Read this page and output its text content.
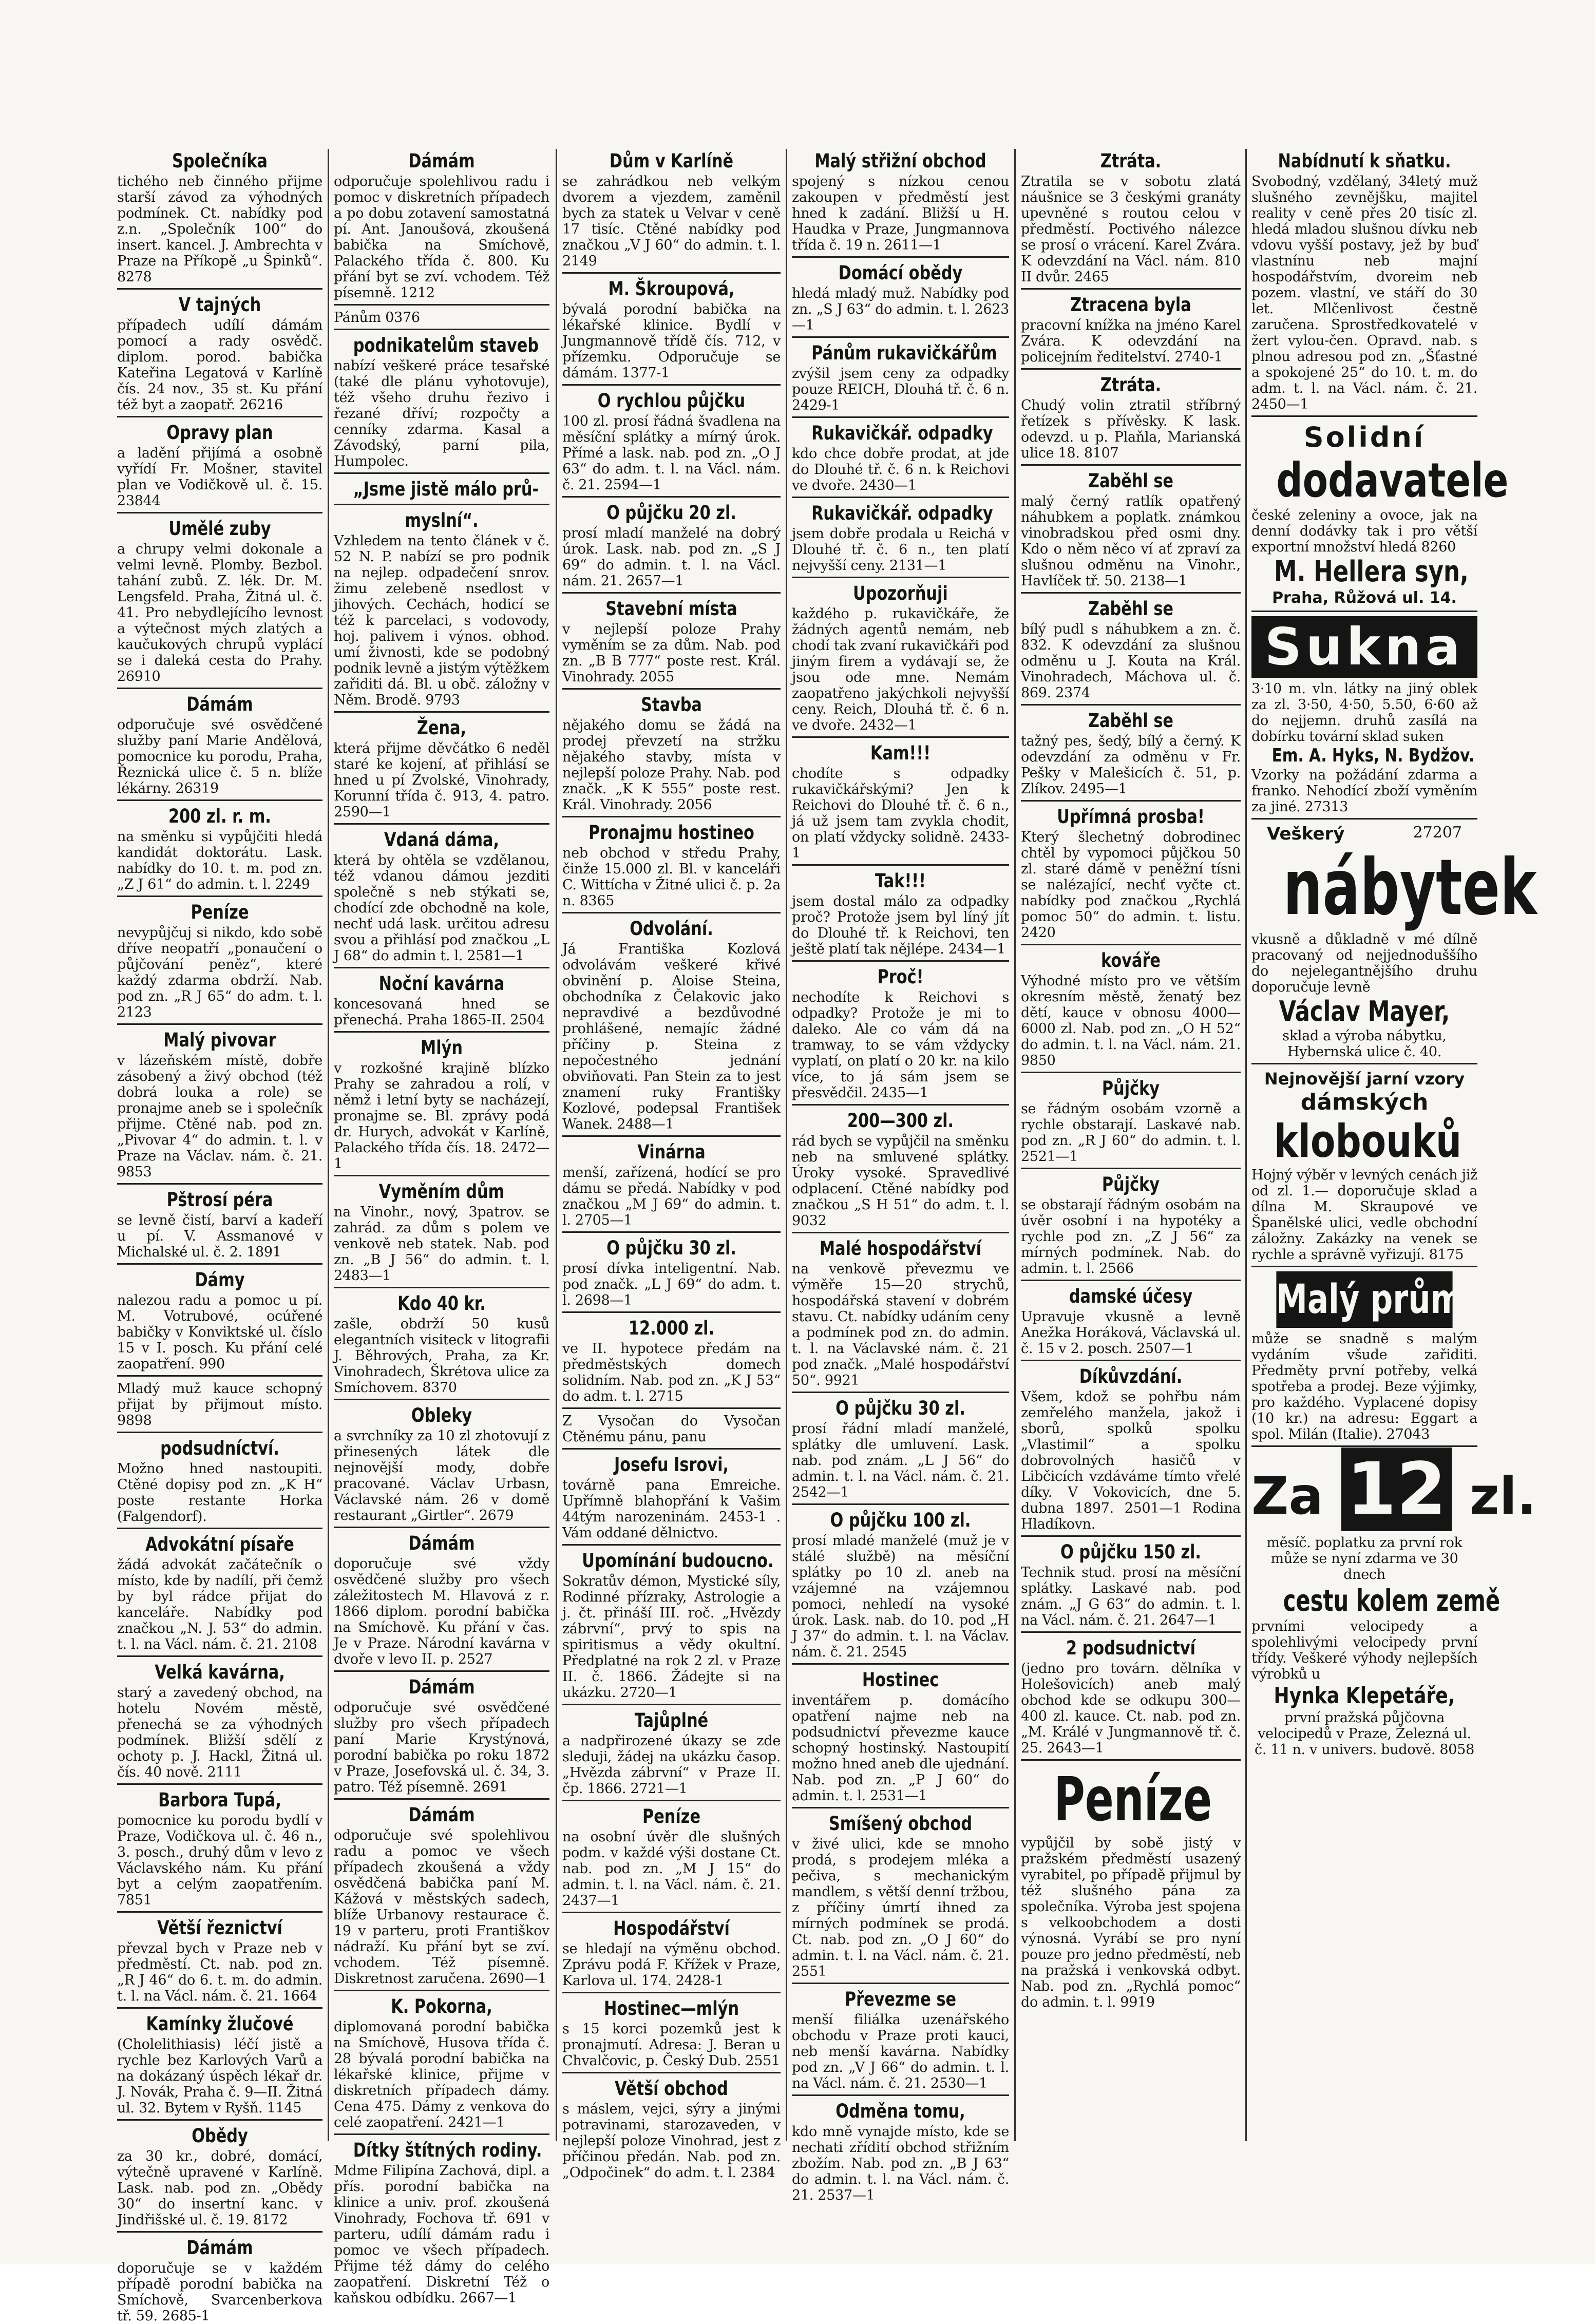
Společníka

tichého neb činného přijme starší závod za výhodných podmínek. Ct. nabídky pod z.n. „Společník 100“ do insert. kancel. J. Ambrechta v Praze na Příkopě „u Špinků“. 8278

V tajných

případech udílí dámám pomocí a rady osvědč. diplom. porod. babička Kateřina Legatová v Karlíně čís. 24 nov., 35 st. Ku přání též byt a zaopatř. 26216

Opravy plan

a ladění přijímá a osobně vyřídí Fr. Mošner, stavitel plan ve Vodičkově ul. č. 15. 23844

Umělé zuby

a chrupy velmi dokonale a velmi levně. Plomby. Bezbol. tahání zubů. Z. lék. Dr. M. Lengsfeld. Praha, Žitná ul. č. 41. Pro nebydlejícího levnost a výtečnost mých zlatých a kaučukových chrupů vyplácí se i daleká cesta do Prahy. 26910

Dámám

odporučuje své osvědčené služby paní Marie Andělová, pomocnice ku porodu, Praha, Řeznická ulice č. 5 n. blíže lékárny. 26319

200 zl. r. m.

na směnku si vypůjčiti hledá kandidát doktorátu. Lask. nabídky do 10. t. m. pod zn. „Z J 61“ do admin. t. l. 2249

Peníze

nevypůjčuj si nikdo, kdo sobě dříve neopatří „ponaučení o půjčování peněz“, které každý zdarma obdrží. Nab. pod zn. „R J 65“ do adm. t. l. 2123

Malý pivovar

v lázeňském místě, dobře zásobený a živý obchod (též dobrá louka a role) se pronajme aneb se i společník přijme. Ctěné nab. pod zn. „Pivovar 4“ do admin. t. l. v Praze na Václav. nám. č. 21. 9853

Pštrosí péra

se levně čistí, barví a kadeří u pí. V. Assmanové v Michalské ul. č. 2. 1891

Dámy

nalezou radu a pomoc u pí. M. Votrubové, ocúřené babičky v Konviktské ul. číslo 15 v I. posch. Ku přání celé zaopatření. 990

Mladý muž kauce schopný přijat by přijmout místo. 9898

podsudníctví.

Možno hned nastoupiti. Ctěné dopisy pod zn. „K H“ poste restante Horka (Falgendorf).

Advokátní písaře

žádá advokát začátečník o místo, kde by nadílí, při čemž by byl rádce přijat do kanceláře. Nabídky pod značkou „N. J. 53“ do admin. t. l. na Václ. nám. č. 21. 2108

Velká kavárna,

starý a zavedený obchod, na hotelu Novém městě, přenechá se za výhodných podmínek. Bližší sdělí z ochoty p. J. Hackl, Žitná ul. čís. 40 nově. 2111

Barbora Tupá,

pomocnice ku porodu bydlí v Praze, Vodičkova ul. č. 46 n., 3. posch., druhý dům v levo z Václavského nám. Ku přání byt a celým zaopatřením. 7851

Větší řeznictví

převzal bych v Praze neb v předměstí. Ct. nab. pod zn. „R J 46“ do 6. t. m. do admin. t. l. na Václ. nám. č. 21. 1664

Kamínky žlučové

(Cholelithiasis) léčí jistě a rychle bez Karlových Varů a na dokázaný úspěch lékař dr. J. Novák, Praha č. 9—II. Žitná ul. 32. Bytem v Ryšň. 1145

Obědy

za 30 kr., dobré, domácí, výtečně upravené v Karlíně. Lask. nab. pod zn. „Obědy 30“ do insertní kanc. v Jindřišské ul. č. 19. 8172

Dámám

doporučuje se v každém případě porodní babička na Smíchově, Svarcenberkova tř. 59. 2685-1

Dámám

odporučuje spolehlivou radu i pomoc v diskretních případech a po dobu zotavení samostatná pí. Ant. Janoušová, zkoušená babička na Smíchově, Palackého třída č. 800. Ku přání byt se zví. vchodem. Též písemně. 1212

Pánům 0376

podnikatelům staveb

nabízí veškeré práce tesařské (také dle plánu vyhotovuje), též všeho druhu řezivo i řezané dříví; rozpočty a cenníky zdarma. Kasal a Závodský, parní pila, Humpolec.

„Jsme jistě málo prů-
myslní“.

Vzhledem na tento článek v č. 52 N. P. nabízí se pro podnik na nejlep. odpadečení snrov. žimu zelebeně nsedlost v jihových. Cechách, hodicí se též k parcelaci, s vodovody, hoj. palivem i výnos. obhod. umí živnosti, kde se podobný podnik levně a jistým výtěžkem zařiditi dá. Bl. u obč. záložny v Něm. Brodě. 9793

Žena,

která přijme děvčátko 6 neděl staré ke kojení, ať přihlásí se hned u pí Zvolské, Vinohrady, Korunní třída č. 913, 4. patro. 2590—1

Vdaná dáma,

která by ohtěla se vzdělanou, též vdanou dámou jezditi společně s neb stýkati se, chodící zde obchodně na kole, nechť udá lask. určitou adresu svou a přihlásí pod značkou „L J 68“ do admin t. l. 2581—1

Noční kavárna

koncesovaná hned se přenechá. Praha 1865-II. 2504

Mlýn

v rozkošné krajině blízko Prahy se zahradou a rolí, v němž i letní byty se nacházejí, pronajme se. Bl. zprávy podá dr. Hurych, advokát v Karlíně, Palackého třída čís. 18. 2472—1

Vyměním dům

na Vinohr., nový, 3patrov. se zahrád. za dům s polem ve venkově neb statek. Nab. pod zn. „B J 56“ do admin. t. l. 2483—1

Kdo 40 kr.

zašle, obdrží 50 kusů elegantních visiteck v litografii J. Běhrových, Praha, za Kr. Vinohradech, Škrétova ulice za Smíchovem. 8370

Obleky

a svrchníky za 10 zl zhotovují z přinesených látek dle nejnovější mody, dobře pracované. Václav Urbasn, Václavské nám. 26 v domě restaurant „Girtler“. 2679

Dámám

doporučuje své vždy osvědčené služby pro všech záležitostech M. Hlavová z r. 1866 diplom. porodní babička na Smíchově. Ku přání v čas. Je v Praze. Národní kavárna v dvoře v levo II. p. 2527

Dámám

odporučuje své osvědčené služby pro všech případech paní Marie Krystýnová, porodní babička po roku 1872 v Praze, Josefovská ul. č. 34, 3. patro. Též písemně. 2691

Dámám

odporučuje své spolehlivou radu a pomoc ve všech případech zkoušená a vždy osvědčená babička paní M. Kážová v městských sadech, blíže Urbanovy restaurace č. 19 v parteru, proti Františkov nádraží. Ku přání byt se zví. vchodem. Též písemně. Diskretnost zaručena. 2690—1

K. Pokorna,

diplomovaná porodní babička na Smíchově, Husova třída č. 28 bývalá porodní babička na lékařské klinice, přijme v diskretních případech dámy. Cena 475. Dámy z venkova do celé zaopatření. 2421—1

Dítky štítných rodiny.

Mdme Filipína Zachová, dipl. a přís. porodní babička na klinice a univ. prof. zkoušená Vinohrady, Fochova tř. 691 v parteru, udílí dámám radu i pomoc ve všech případech. Přijme též dámy do celého zaopatření. Diskretní Též o kaňskou odbídku. 2667—1

Dům v Karlíně

se zahrádkou neb velkým dvorem a vjezdem, zaměnil bych za statek u Velvar v ceně 17 tisíc. Ctěné nabídky pod značkou „V J 60“ do admin. t. l. 2149

M. Škroupová,

bývalá porodní babička na lékařské klinice. Bydlí v Jungmannově třídě čís. 712, v přízemku. Odporučuje se dámám. 1377-1

O rychlou půjčku

100 zl. prosí řádná švadlena na měsíční splátky a mírný úrok. Přímé a lask. nab. pod zn. „O J 63“ do adm. t. l. na Václ. nám. č. 21. 2594—1

O půjčku 20 zl.

prosí mladí manželé na dobrý úrok. Lask. nab. pod zn. „S J 69“ do admin. t. l. na Václ. nám. 21. 2657—1

Stavební místa

v nejlepší poloze Prahy vyměním se za dům. Nab. pod zn. „B B 777“ poste rest. Král. Vinohrady. 2055

Stavba

nějakého domu se žádá na prodej převzetí na stržku nějakého stavby, místa v nejlepší poloze Prahy. Nab. pod značk. „K K 555“ poste rest. Král. Vinohrady. 2056

Pronajmu hostineo

neb obchod v středu Prahy, činže 15.000 zl. Bl. v kanceláři C. Wittícha v Žitné ulici č. p. 2a n. 8365

Odvolání.

Já Františka Kozlová odvolávám veškeré křivé obvinění p. Aloise Steina, obchodníka z Čelakovic jako nepravdivé a bezdůvodné prohlášené, nemajíc žádné příčiny p. Steina z nepočestného jednání obviňovati. Pan Stein za to jest znamení ruky Františky Kozlové, podepsal František Wanek. 2488—1

Vinárna

menší, zařízená, hodící se pro dámu se předá. Nabídky v pod značkou „M J 69“ do admin. t. l. 2705—1

O půjčku 30 zl.

prosí dívka inteligentní. Nab. pod značk. „L J 69“ do adm. t. l. 2698—1

12.000 zl.

ve II. hypotece předám na předměstských domech solidním. Nab. pod zn. „K J 53“ do adm. t. l. 2715

Z Vysočan do Vysočan Ctěnému pánu, panu

Josefu Isrovi,

továrně pana Emreiche. Upřímně blahopřání k Vašim 44tým narozeninám. 2453-1 . Vám oddané dělnictvo.

Upomínání budoucno.

Sokratův démon, Mystické síly, Rodinné přízraky, Astrologie a j. čt. přináší III. roč. „Hvězdy zábrvní“, prvý to spis na spiritismus a vědy okultní. Předplatné na rok 2 zl. v Praze II. č. 1866. Žádejte si na ukázku. 2720—1

Tajůplné

a nadpřirozené úkazy se zde sleduji, žádej na ukázku časop. „Hvězda zábrvní“ v Praze II. čp. 1866. 2721—1

Peníze

na osobní úvěr dle slušných podm. v každé výši dostane Ct. nab. pod zn. „M J 15“ do admin. t. l. na Václ. nám. č. 21. 2437—1

Hospodářství

se hledají na výměnu obchod. Zprávu podá F. Křížek v Praze, Karlova ul. 174. 2428-1

Hostinec—mlýn

s 15 korci pozemků jest k pronajmutí. Adresa: J. Beran u Chvalčovic, p. Český Dub. 2551

Větší obchod

s máslem, vejci, sýry a jinými potravinami, starozaveden, v nejlepší poloze Vinohrad, jest z příčinou předán. Nab. pod zn. „Odpočinek“ do adm. t. l. 2384

Malý střižní obchod

spojený s nízkou cenou zakoupen v předměstí jest hned k zadání. Bližší u H. Haudka v Praze, Jungmannova třída č. 19 n. 2611—1

Domácí obědy

hledá mladý muž. Nabídky pod zn. „S J 63“ do admin. t. l. 2623—1

Pánům rukavičkářům

zvýšil jsem ceny za odpadky pouze REICH, Dlouhá tř. č. 6 n. 2429-1

Rukavičkář. odpadky

kdo chce dobře prodat, at jde do Dlouhé tř. č. 6 n. k Reichovi ve dvoře. 2430—1

Rukavičkář. odpadky

jsem dobře prodala u Reichá v Dlouhé tř. č. 6 n., ten platí nejvyšší ceny. 2131—1

Upozorňuji

každého p. rukavičkáře, že žádných agentů nemám, neb chodí tak zvaní rukavičkáři pod jiným firem a vydávají se, že jsou ode mne. Nemám zaopatřeno jakýchkoli nejvyšší ceny. Reich, Dlouhá tř. č. 6 n. ve dvoře. 2432—1

Kam!!!

chodíte s odpadky rukavičkářskými? Jen k Reichovi do Dlouhé tř. č. 6 n., já už jsem tam zvykla chodit, on platí vždycky solidně. 2433-1

Tak!!!

jsem dostal málo za odpadky proč? Protože jsem byl líný jít do Dlouhé tř. k Reichovi, ten ještě platí tak nějlépe. 2434—1

Proč!

nechodíte k Reichovi s odpadky? Protože je mi to daleko. Ale co vám dá na tramway, to se vám vždycky vyplatí, on platí o 20 kr. na kilo více, to já sám jsem se přesvědčil. 2435—1

200—300 zl.

rád bych se vypůjčil na směnku neb na smluvené splátky. Úroky vysoké. Spravedlivé odplacení. Ctěné nabídky pod značkou „S H 51“ do adm. t. l. 9032

Malé hospodářství

na venkově převezmu ve výměře 15—20 strychů, hospodářská stavení v dobrém stavu. Ct. nabídky udáním ceny a podmínek pod zn. do admin. t. l. na Václavské nám. č. 21 pod značk. „Malé hospodářství 50“. 9921

O půjčku 30 zl.

prosí řádní mladí manželé, splátky dle umluvení. Lask. nab. pod znám. „L J 56“ do admin. t. l. na Václ. nám. č. 21. 2542—1

O půjčku 100 zl.

prosí mladé manželé (muž je v stálé službě) na měsíční splátky po 10 zl. aneb na vzájemné na vzájemnou pomoci, nehledí na vysoké úrok. Lask. nab. do 10. pod „H J 37“ do admin. t. l. na Václav. nám. č. 21. 2545

Hostinec

inventářem p. domácího opatření najme neb na podsudnictví převezme kauce schopný hostinský. Nastoupití možno hned aneb dle ujednání. Nab. pod zn. „P J 60“ do admin. t. l. 2531—1

Smíšený obchod

v živé ulici, kde se mnoho prodá, s prodejem mléka a pečiva, s mechanickým mandlem, s větší denní tržbou, z příčiny úmrtí ihned za mírných podmínek se prodá. Ct. nab. pod zn. „O J 60“ do admin. t. l. na Václ. nám. č. 21. 2551

Převezme se

menší filiálka uzenářského obchodu v Praze proti kauci, neb menší kavárna. Nabídky pod zn. „V J 66“ do admin. t. l. na Václ. nám. č. 21. 2530—1

Odměna tomu,

kdo mně vynajde místo, kde se nechati zřídití obchod střižním zbožím. Nab. pod zn. „B J 63“ do admin. t. l. na Václ. nám. č. 21. 2537—1

Ztráta.

Ztratila se v sobotu zlatá náušnice se 3 českými granáty upevněné s routou celou v předměstí. Poctivého nálezce se prosí o vrácení. Karel Zvára. K odevzdání na Václ. nám. 810 II dvůr. 2465

Ztracena byla

pracovní knížka na jméno Karel Zvára. K odevzdání na policejním ředitelství. 2740-1

Ztráta.

Chudý volin ztratil stříbrný řetízek s přívěsky. K lask. odevzd. u p. Plaňla, Marianská ulice 18. 8107

Zaběhl se

malý černý ratlík opatřený náhubkem a poplatk. známkou vinobradskou před osmi dny. Kdo o něm něco ví ať zpraví za slušnou odměnu na Vinohr., Havlíček tř. 50. 2138—1

Zaběhl se

bílý pudl s náhubkem a zn. č. 832. K odevzdání za slušnou odměnu u J. Kouta na Král. Vinohradech, Máchova ul. č. 869. 2374

Zaběhl se

tažný pes, šedý, bílý a černý. K odevzdání za odměnu v Fr. Pešky v Malešicích č. 51, p. Zlíkov. 2495—1

Upřímná prosba!

Který šlechetný dobrodinec chtěl by vypomoci půjčkou 50 zl. staré dámě v peněžní tísni se nalézající, nechť vyčte ct. nabídky pod značkou „Rychlá pomoc 50“ do admin. t. listu. 2420

kováře

Výhodné místo pro ve větším okresním městě, ženatý bez dětí, kauce v obnosu 4000—6000 zl. Nab. pod zn. „O H 52“ do admin. t. l. na Václ. nám. 21. 9850

Půjčky

se řádným osobám vzorně a rychle obstarají. Laskavé nab. pod zn. „R J 60“ do admin. t. l. 2521—1

Půjčky

se obstarají řádným osobám na úvěr osobní i na hypotéky a rychle pod zn. „Z J 56“ za mírných podmínek. Nab. do admin. t. l. 2566

damské účesy

Upravuje vkusně a levně Anežka Horáková, Václavská ul. č. 15 v 2. posch. 2507—1

Díkůvzdání.

Všem, kdož se pohřbu nám zemřelého manžela, jakož i sborů, spolků spolku „Vlastimil“ a spolku dobrovolných hasičů v Libčicích vzdáváme tímto vřelé díky. V Vokovicích, dne 5. dubna 1897. 2501—1 Rodina Hladíkovn.

O půjčku 150 zl.

Technik stud. prosí na měsíční splátky. Laskavé nab. pod znám. „J G 63“ do admin. t. l. na Václ. nám. č. 21. 2647—1

2 podsudnictví

(jedno pro továrn. dělníka v Holešovicích) aneb malý obchod kde se odkupu 300—400 zl. kauce. Ct. nab. pod zn. „M. Králé v Jungmannově tř. č. 25. 2643—1

Peníze

vypůjčil by sobě jistý v pražském předměstí usazený vyrabitel, po případě přijmul by též slušného pána za společníka. Výroba jest spojena s velkoobchodem a dosti výnosná. Vyrábí se pro nyní pouze pro jedno předměstí, neb na pražská i venkovská odbyt. Nab. pod zn. „Rychlá pomoc“ do admin. t. l. 9919

Nabídnutí k sňatku.

Svobodný, vzdělaný, 34letý muž slušného zevnějšku, majitel reality v ceně přes 20 tisíc zl. hledá mladou slušnou dívku neb vdovu vyšší postavy, jež by buď vlastnínu neb majní hospodářstvím, dvoreim neb pozem. vlastní, ve stáří do 30 let. Mlčenlivost čestně zaručena. Sprostředkovatelé v žert vylou-čen. Opravd. nab. s plnou adresou pod zn. „Šťastné a spokojené 25“ do 10. t. m. do adm. t. l. na Václ. nám. č. 21. 2450—1

Solidní
dodavatele

české zeleniny a ovoce, jak na denní dodávky tak i pro větší exportní množství hledá 8260

M. Hellera syn,
Praha, Růžová ul. 14.
Sukna

3·10 m. vln. látky na jiný oblek za zl. 3·50, 4·50, 5.50, 6·60 až do nejjemn. druhů zasílá na dobírku tovární sklad suken

Em. A. Hyks, N. Bydžov.

Vzorky na požádání zdarma a franko. Nehodící zboží vyměním za jiné. 27313

Veškerý	27207
nábytek

vkusně a důkladně v mé dílně pracovaný od nejjednoduššího do nejelegantnějšího druhu doporučuje levně

Václav Mayer,

sklad a výroba nábytku, Hybernská ulice č. 40.

Nejnovější jarní vzory
dámských
klobouků

Hojný výběr v levných cenách již od zl. 1.— doporučuje sklad a dílna M. Skraupové ve Španělské ulici, vedle obchodní záložny. Zakázky na venek se rychle a správně vyřizují. 8175

Malý průmysl

může se snadně s malým vydáním všude zařiditi. Předměty první potřeby, velká spotřeba a prodej. Beze výjimky, pro každého. Vyplacené dopisy (10 kr.) na adresu: Eggart a spol. Milán (Italie). 27043

Za 12 zl.

měsíč. poplatku za první rok může se nyní zdarma ve 30 dnech

cestu kolem země

prvními velocipedy a spolehlivými velocipedy první třídy. Veškeré výhody nejlepších výrobků u

Hynka Klepetáře,

první pražská půjčovna velocipedů v Praze, Železná ul. č. 11 n. v univers. budově. 8058
